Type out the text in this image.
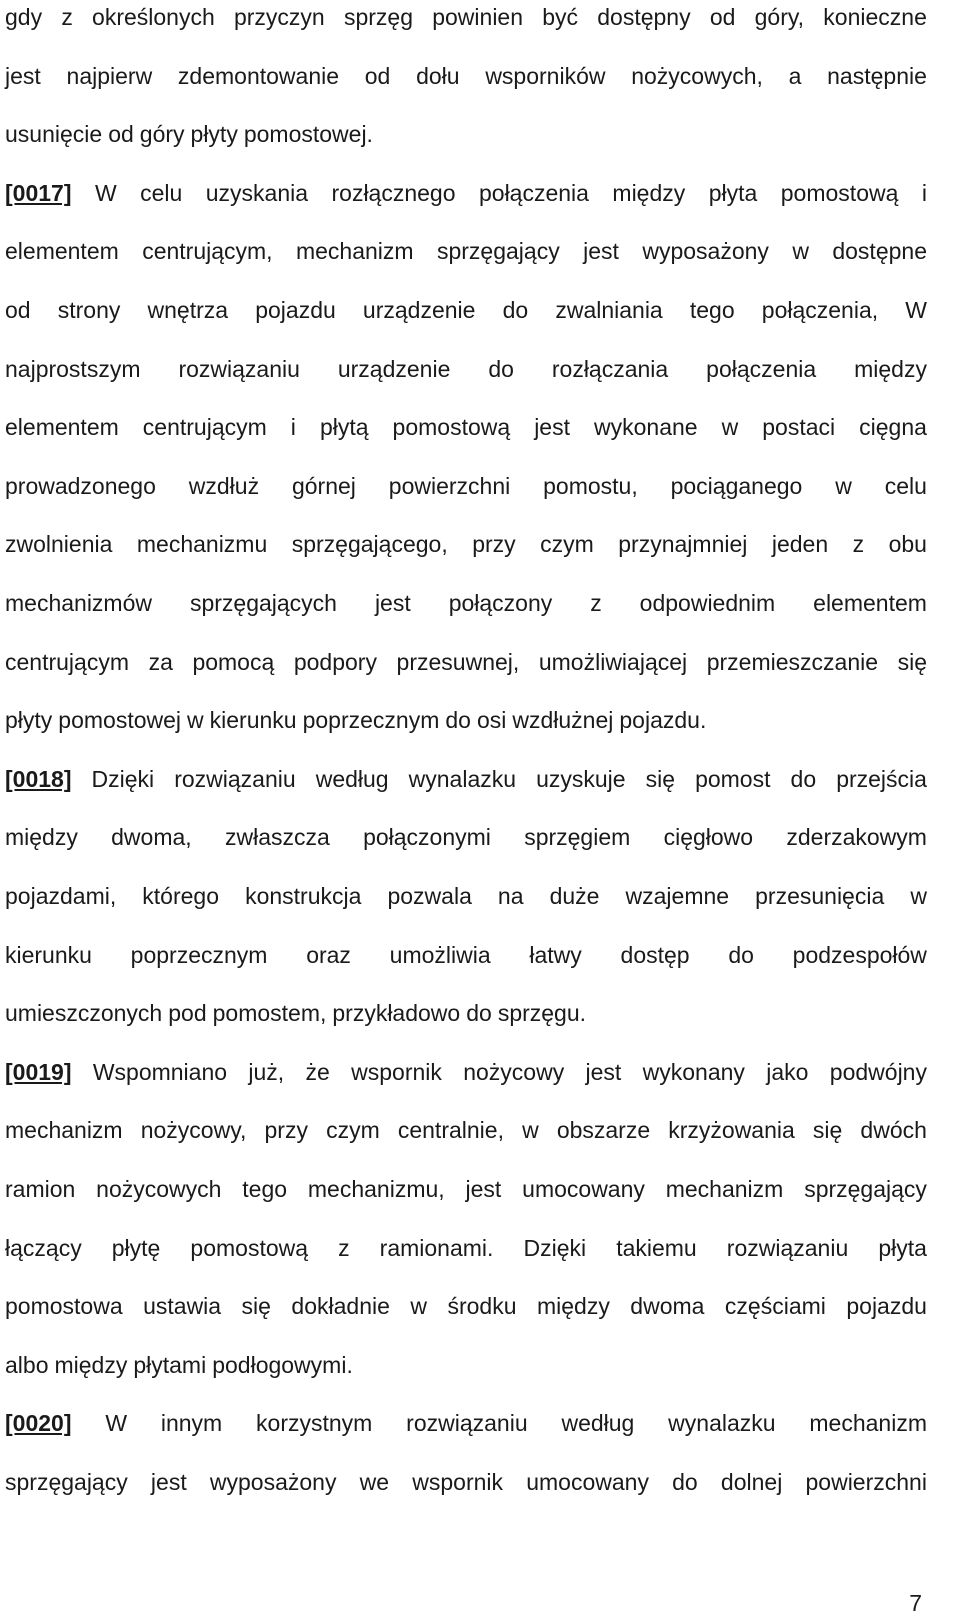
gdy z określonych przyczyn sprzęg powinien być dostępny od góry, konieczne
jest najpierw zdemontowanie od dołu wsporników nożycowych, a następnie
usunięcie od góry płyty pomostowej.
[0017] W celu uzyskania rozłącznego połączenia między płyta pomostową i
elementem centrującym, mechanizm sprzęgający jest wyposażony w dostępne
od strony wnętrza pojazdu urządzenie do zwalniania tego połączenia, W
najprostszym rozwiązaniu urządzenie do rozłączania połączenia między
elementem centrującym i płytą pomostową jest wykonane w postaci cięgna
prowadzonego wzdłuż górnej powierzchni pomostu, pociąganego w celu
zwolnienia mechanizmu sprzęgającego, przy czym przynajmniej jeden z obu
mechanizmów sprzęgających jest połączony z odpowiednim elementem
centrującym za pomocą podpory przesuwnej, umożliwiającej przemieszczanie się
płyty pomostowej w kierunku poprzecznym do osi wzdłużnej pojazdu.
[0018] Dzięki rozwiązaniu według wynalazku uzyskuje się pomost do przejścia
między dwoma, zwłaszcza połączonymi sprzęgiem cięgłowo zderzakowym
pojazdami, którego konstrukcja pozwala na duże wzajemne przesunięcia w
kierunku poprzecznym oraz umożliwia łatwy dostęp do podzespołów
umieszczonych pod pomostem, przykładowo do sprzęgu.
[0019] Wspomniano już, że wspornik nożycowy jest wykonany jako podwójny
mechanizm nożycowy, przy czym centralnie, w obszarze krzyżowania się dwóch
ramion nożycowych tego mechanizmu, jest umocowany mechanizm sprzęgający
łączący płytę pomostową z ramionami. Dzięki takiemu rozwiązaniu płyta
pomostowa ustawia się dokładnie w środku między dwoma częściami pojazdu
albo między płytami podłogowymi.
[0020] W innym korzystnym rozwiązaniu według wynalazku mechanizm
sprzęgający jest wyposażony we wspornik umocowany do dolnej powierzchni
7
